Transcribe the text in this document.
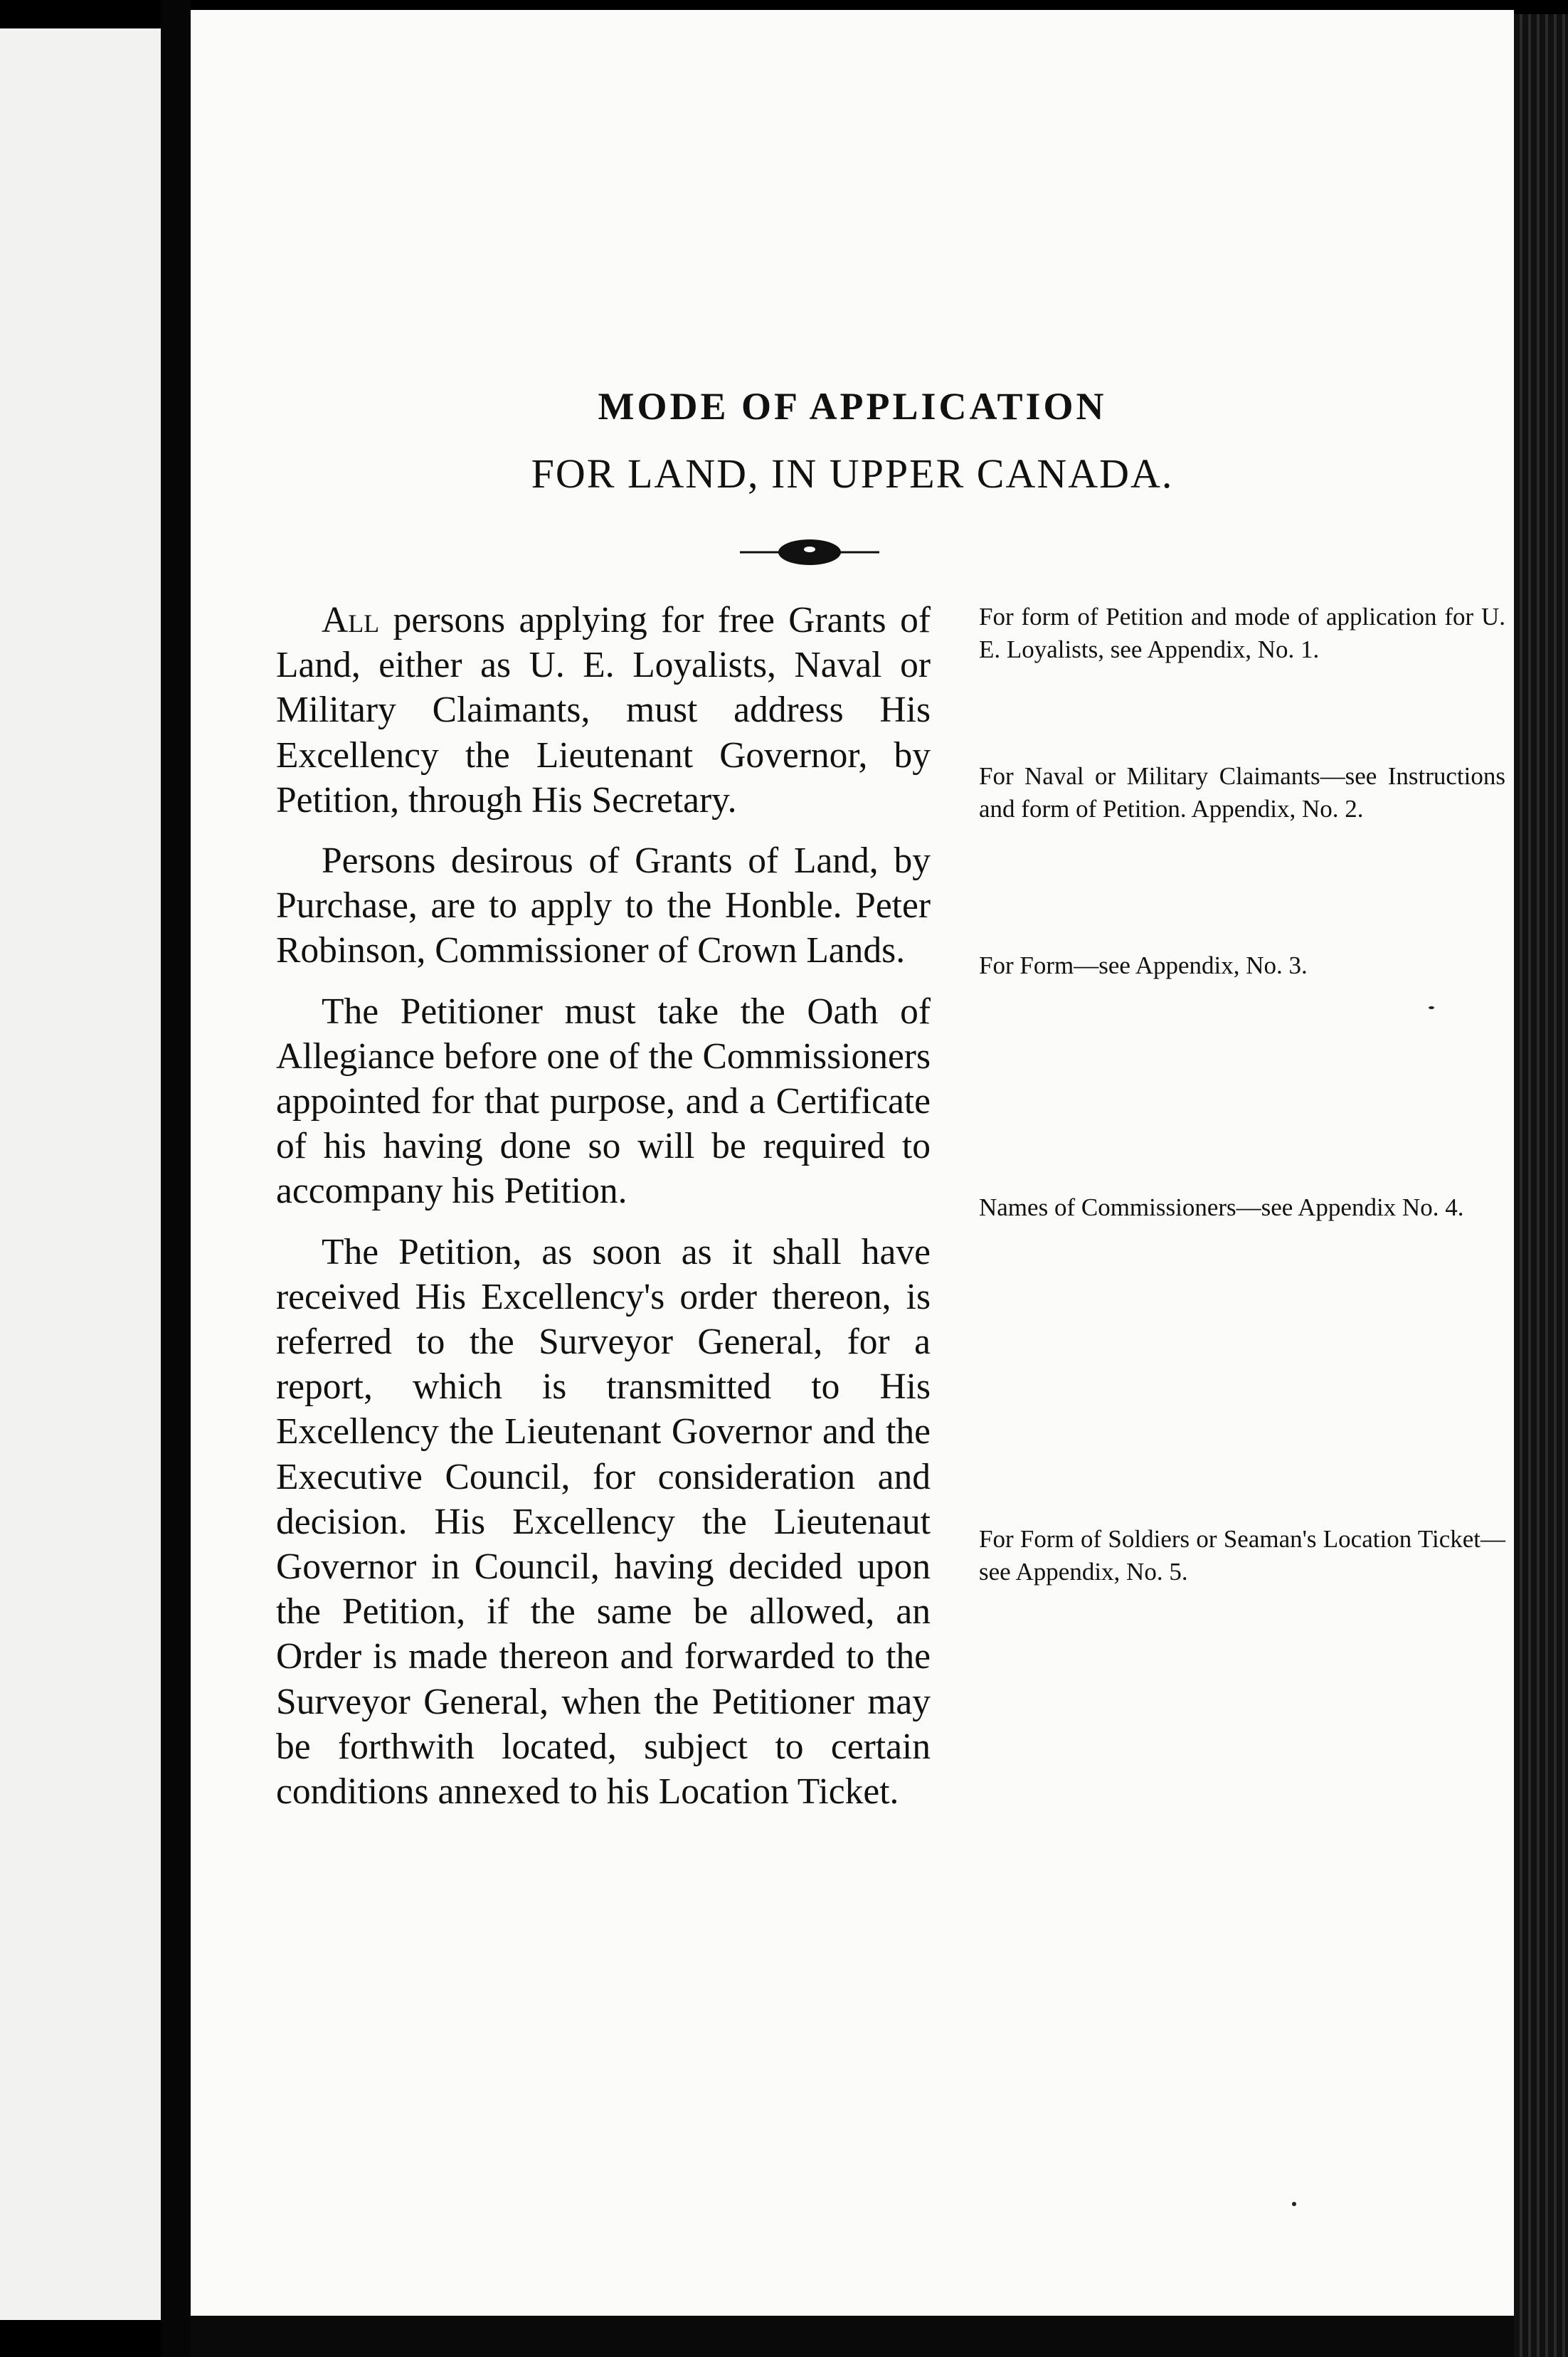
MODE OF APPLICATION
FOR LAND, IN UPPER CANADA.

All persons applying for free Grants of Land, either as U. E. Loyalists, Naval or Military Claimants, must address His Excellency the Lieutenant Governor, by Petition, through His Secretary.

Persons desirous of Grants of Land, by Purchase, are to apply to the Honble. Peter Robinson, Commissioner of Crown Lands.

The Petitioner must take the Oath of Allegiance before one of the Commissioners appointed for that purpose, and a Certificate of his having done so will be required to accompany his Petition.

The Petition, as soon as it shall have received His Excellency's order thereon, is referred to the Surveyor General, for a report, which is transmitted to His Excellency the Lieutenant Governor and the Executive Council, for consideration and decision. His Excellency the Lieutenaut Governor in Council, having decided upon the Petition, if the same be allowed, an Order is made thereon and forwarded to the Surveyor General, when the Petitioner may be forthwith located, subject to certain conditions annexed to his Location Ticket.

For form of Petition and mode of application for U. E. Loyalists, see Appendix, No. 1.
For Naval or Military Claimants—see Instructions and form of Petition. Appendix, No. 2.
For Form—see Appendix, No. 3.
Names of Commissioners—see Appendix No. 4.
For Form of Soldiers or Seaman's Location Ticket—see Appendix, No. 5.
